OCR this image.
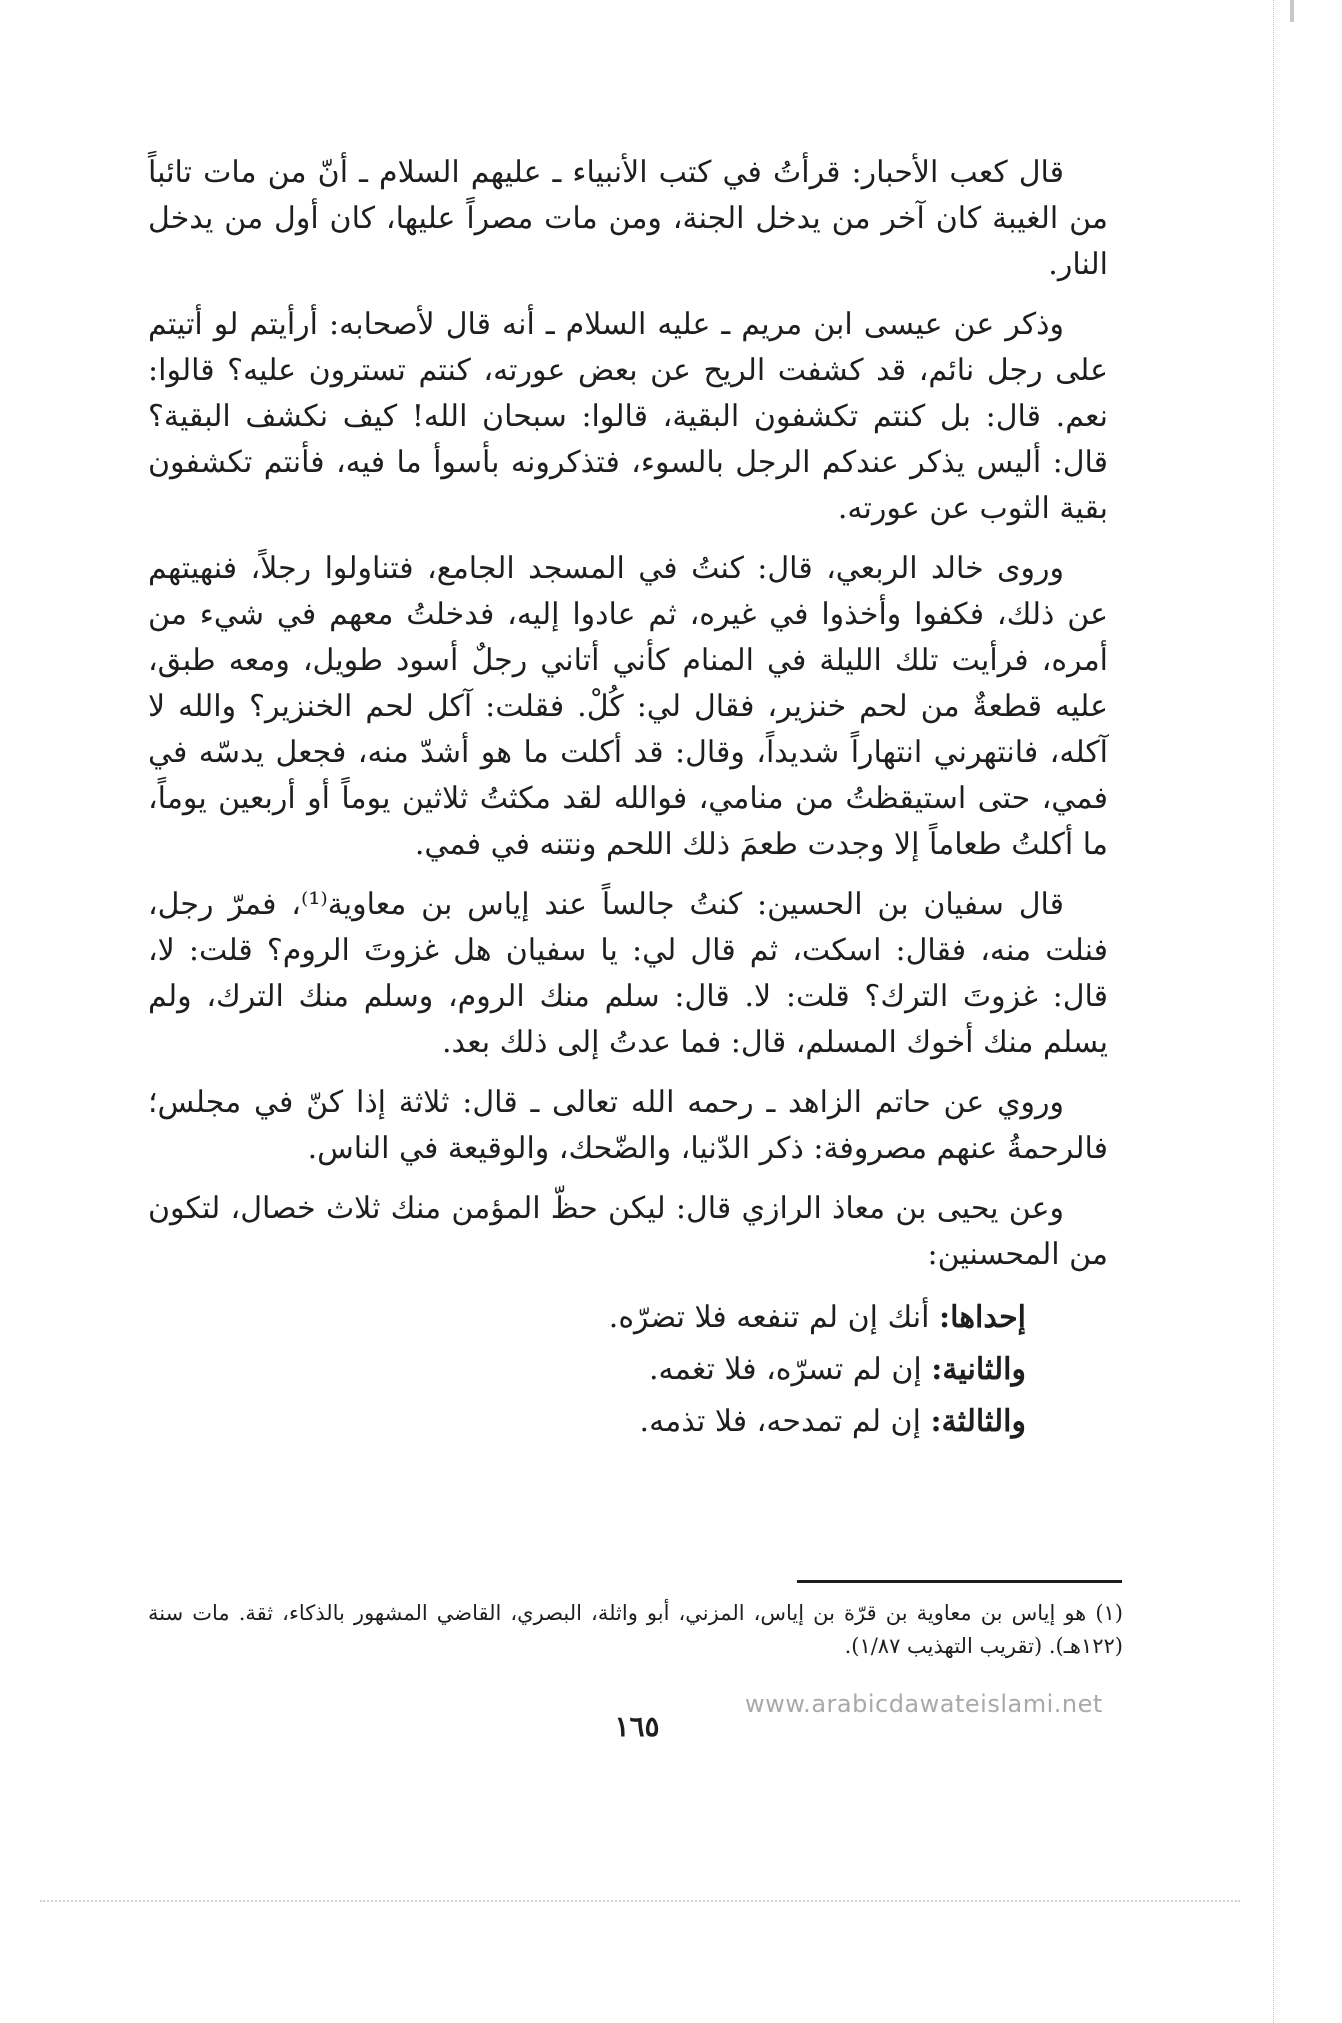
قال كعب الأحبار: قرأتُ في كتب الأنبياء ـ عليهم السلام ـ أنّ من مات تائباً من الغيبة كان آخر من يدخل الجنة، ومن مات مصراً عليها، كان أول من يدخل النار.

وذكر عن عيسى ابن مريم ـ عليه السلام ـ أنه قال لأصحابه: أرأيتم لو أتيتم على رجل نائم، قد كشفت الريح عن بعض عورته، كنتم تسترون عليه؟ قالوا: نعم. قال: بل كنتم تكشفون البقية، قالوا: سبحان الله! كيف نكشف البقية؟ قال: أليس يذكر عندكم الرجل بالسوء، فتذكرونه بأسوأ ما فيه، فأنتم تكشفون بقية الثوب عن عورته.

وروى خالد الربعي، قال: كنتُ في المسجد الجامع، فتناولوا رجلاً، فنهيتهم عن ذلك، فكفوا وأخذوا في غيره، ثم عادوا إليه، فدخلتُ معهم في شيء من أمره، فرأيت تلك الليلة في المنام كأني أتاني رجلٌ أسود طويل، ومعه طبق، عليه قطعةٌ من لحم خنزير، فقال لي: كُلْ. فقلت: آكل لحم الخنزير؟ والله لا آكله، فانتهرني انتهاراً شديداً، وقال: قد أكلت ما هو أشدّ منه، فجعل يدسّه في فمي، حتى استيقظتُ من منامي، فوالله لقد مكثتُ ثلاثين يوماً أو أربعين يوماً، ما أكلتُ طعاماً إلا وجدت طعمَ ذلك اللحم ونتنه في فمي.

قال سفيان بن الحسين: كنتُ جالساً عند إياس بن معاوية⁽¹⁾، فمرّ رجل، فنلت منه، فقال: اسكت، ثم قال لي: يا سفيان هل غزوتَ الروم؟ قلت: لا، قال: غزوتَ الترك؟ قلت: لا. قال: سلم منك الروم، وسلم منك الترك، ولم يسلم منك أخوك المسلم، قال: فما عدتُ إلى ذلك بعد.

وروي عن حاتم الزاهد ـ رحمه الله تعالى ـ قال: ثلاثة إذا كنّ في مجلس؛ فالرحمةُ عنهم مصروفة: ذكر الدّنيا، والضّحك، والوقيعة في الناس.

وعن يحيى بن معاذ الرازي قال: ليكن حظّ المؤمن منك ثلاث خصال، لتكون من المحسنين:

إحداها: أنك إن لم تنفعه فلا تضرّه.
والثانية: إن لم تسرّه، فلا تغمه.
والثالثة: إن لم تمدحه، فلا تذمه.
(١) هو إياس بن معاوية بن قرّة بن إياس، المزني، أبو واثلة، البصري، القاضي المشهور بالذكاء، ثقة. مات سنة (١٢٢هـ). (تقريب التهذيب ١/٨٧).
www.arabicdawateislami.net
١٦٥
